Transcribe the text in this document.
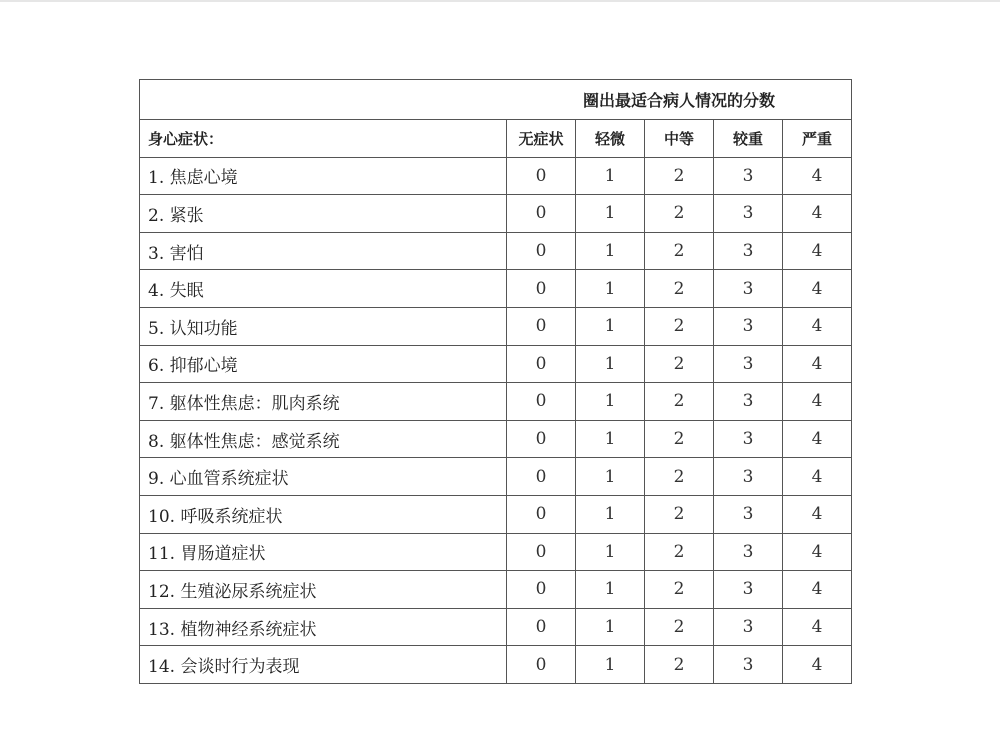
圈出最适合病人情况的分数					
身心症状：	无症状	轻微	中等	较重	严重
1. 焦虑心境	0	1	2	3	4
2. 紧张	0	1	2	3	4
3. 害怕	0	1	2	3	4
4. 失眠	0	1	2	3	4
5. 认知功能	0	1	2	3	4
6. 抑郁心境	0	1	2	3	4
7. 躯体性焦虑：肌肉系统	0	1	2	3	4
8. 躯体性焦虑：感觉系统	0	1	2	3	4
9. 心血管系统症状	0	1	2	3	4
10. 呼吸系统症状	0	1	2	3	4
11. 胃肠道症状	0	1	2	3	4
12. 生殖泌尿系统症状	0	1	2	3	4
13. 植物神经系统症状	0	1	2	3	4
14. 会谈时行为表现	0	1	2	3	4
